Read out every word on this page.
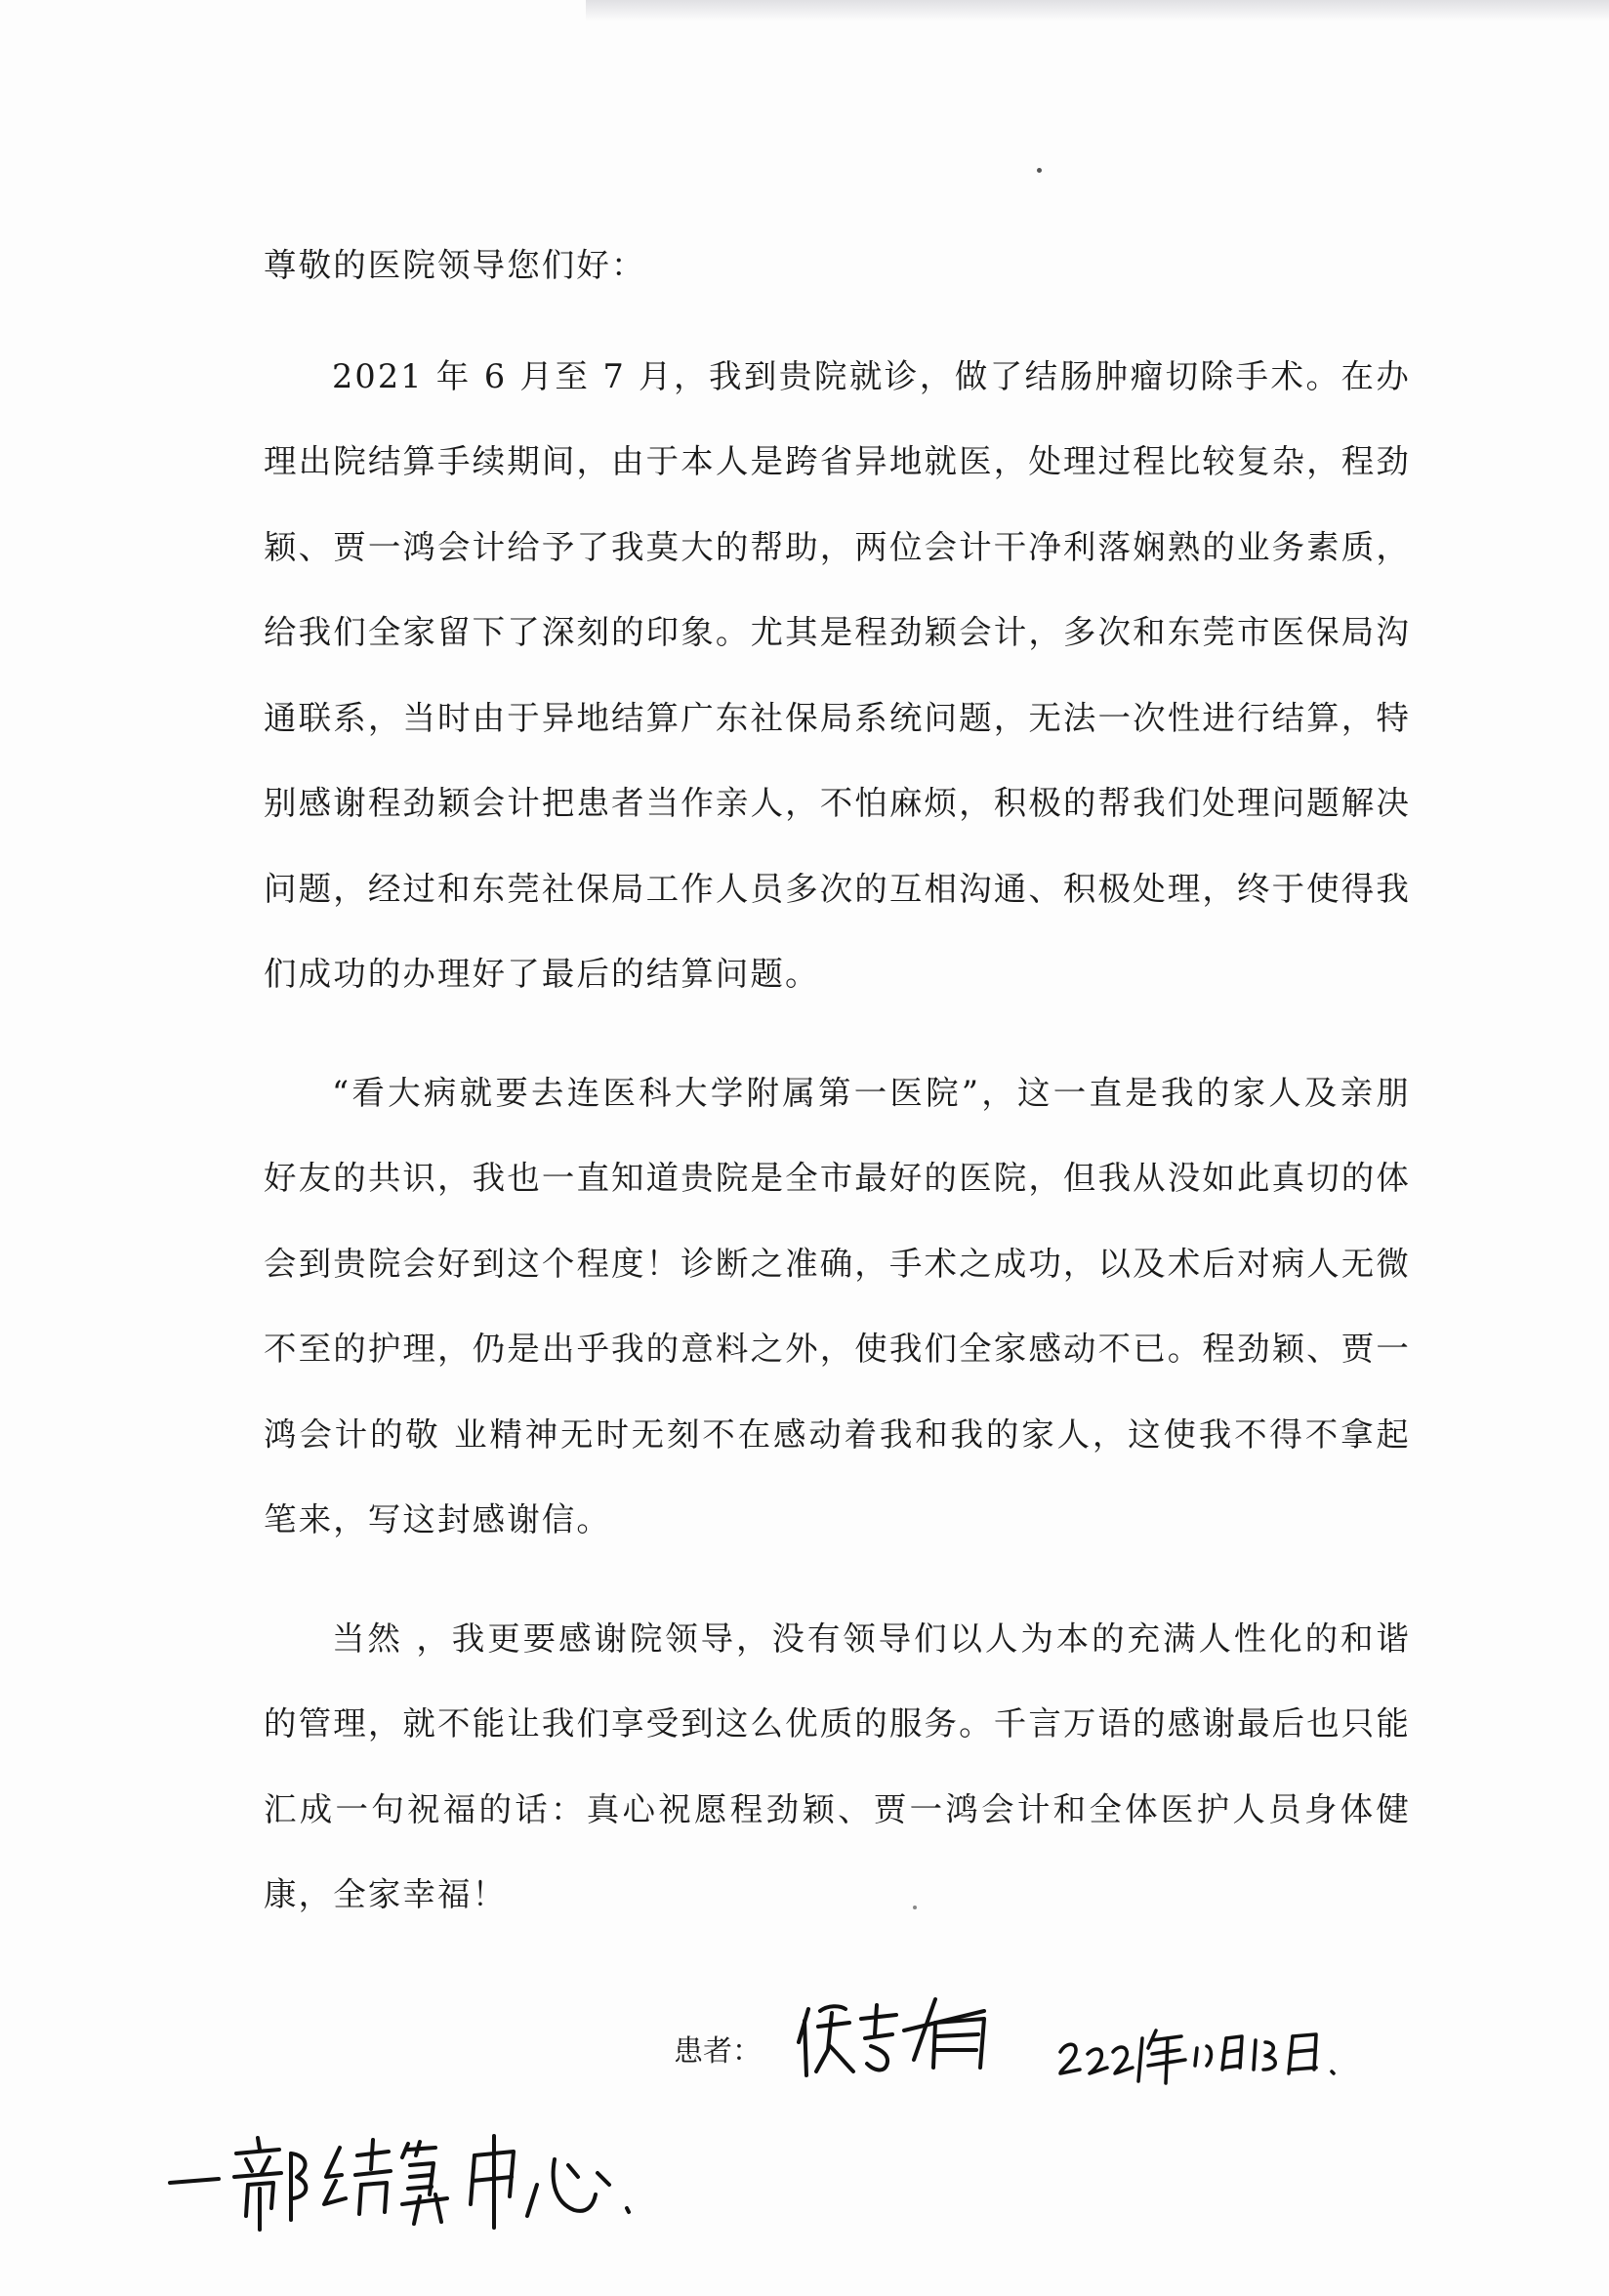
尊敬的医院领导您们好：

2021 年 6 月至 7 月，我到贵院就诊，做了结肠肿瘤切除手术。在办理出院结算手续期间，由于本人是跨省异地就医，处理过程比较复杂，程劲颖、贾一鸿会计给予了我莫大的帮助，两位会计干净利落娴熟的业务素质，给我们全家留下了深刻的印象。尤其是程劲颖会计，多次和东莞市医保局沟通联系，当时由于异地结算广东社保局系统问题，无法一次性进行结算，特别感谢程劲颖会计把患者当作亲人，不怕麻烦，积极的帮我们处理问题解决问题，经过和东莞社保局工作人员多次的互相沟通、积极处理，终于使得我们成功的办理好了最后的结算问题。

“看大病就要去连医科大学附属第一医院”，这一直是我的家人及亲朋好友的共识，我也一直知道贵院是全市最好的医院，但我从没如此真切的体会到贵院会好到这个程度！诊断之准确，手术之成功，以及术后对病人无微不至的护理，仍是出乎我的意料之外，使我们全家感动不已。程劲颖、贾一鸿会计的敬 业精神无时无刻不在感动着我和我的家人，这使我不得不拿起笔来，写这封感谢信。

当然 ，我更要感谢院领导，没有领导们以人为本的充满人性化的和谐的管理，就不能让我们享受到这么优质的服务。千言万语的感谢最后也只能汇成一句祝福的话：真心祝愿程劲颖、贾一鸿会计和全体医护人员身体健康，全家幸福！

患者：
